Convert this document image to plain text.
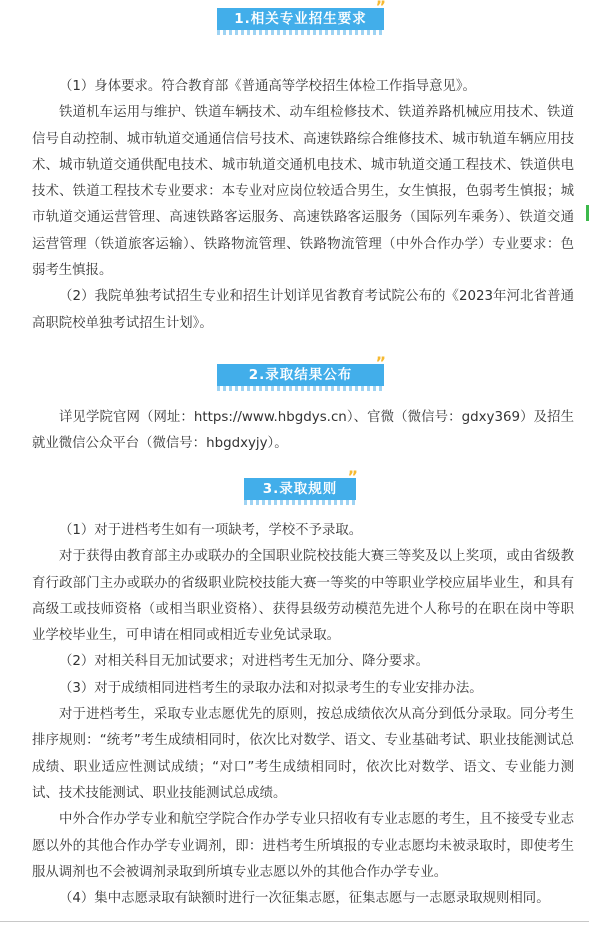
1.相关专业招生要求
”

（1）身体要求。符合教育部《普通高等学校招生体检工作指导意见》。

铁道机车运用与维护、铁道车辆技术、动车组检修技术、铁道养路机械应用技术、铁道信号自动控制、城市轨道交通通信信号技术、高速铁路综合维修技术、城市轨道车辆应用技术、城市轨道交通供配电技术、城市轨道交通机电技术、城市轨道交通工程技术、铁道供电技术、铁道工程技术专业要求：本专业对应岗位较适合男生，女生慎报，色弱考生慎报；城市轨道交通运营管理、高速铁路客运服务、高速铁路客运服务（国际列车乘务）、铁道交通运营管理（铁道旅客运输）、铁路物流管理、铁路物流管理（中外合作办学）专业要求：色弱考生慎报。

（2）我院单独考试招生专业和招生计划详见省教育考试院公布的《2023年河北省普通高职院校单独考试招生计划》。

2.录取结果公布
”

详见学院官网（网址：https://www.hbgdys.cn）、官微（微信号：gdxy369）及招生就业微信公众平台（微信号：hbgdxyjy）。

3.录取规则
”

（1）对于进档考生如有一项缺考，学校不予录取。

对于获得由教育部主办或联办的全国职业院校技能大赛三等奖及以上奖项，或由省级教育行政部门主办或联办的省级职业院校技能大赛一等奖的中等职业学校应届毕业生，和具有高级工或技师资格（或相当职业资格）、获得县级劳动模范先进个人称号的在职在岗中等职业学校毕业生，可申请在相同或相近专业免试录取。

（2）对相关科目无加试要求；对进档考生无加分、降分要求。

（3）对于成绩相同进档考生的录取办法和对拟录考生的专业安排办法。

对于进档考生，采取专业志愿优先的原则，按总成绩依次从高分到低分录取。同分考生排序规则：“统考”考生成绩相同时，依次比对数学、语文、专业基础考试、职业技能测试总成绩、职业适应性测试成绩；“对口”考生成绩相同时，依次比对数学、语文、专业能力测试、技术技能测试、职业技能测试总成绩。

中外合作办学专业和航空学院合作办学专业只招收有专业志愿的考生，且不接受专业志愿以外的其他合作办学专业调剂，即：进档考生所填报的专业志愿均未被录取时，即使考生服从调剂也不会被调剂录取到所填专业志愿以外的其他合作办学专业。

（4）集中志愿录取有缺额时进行一次征集志愿，征集志愿与一志愿录取规则相同。
